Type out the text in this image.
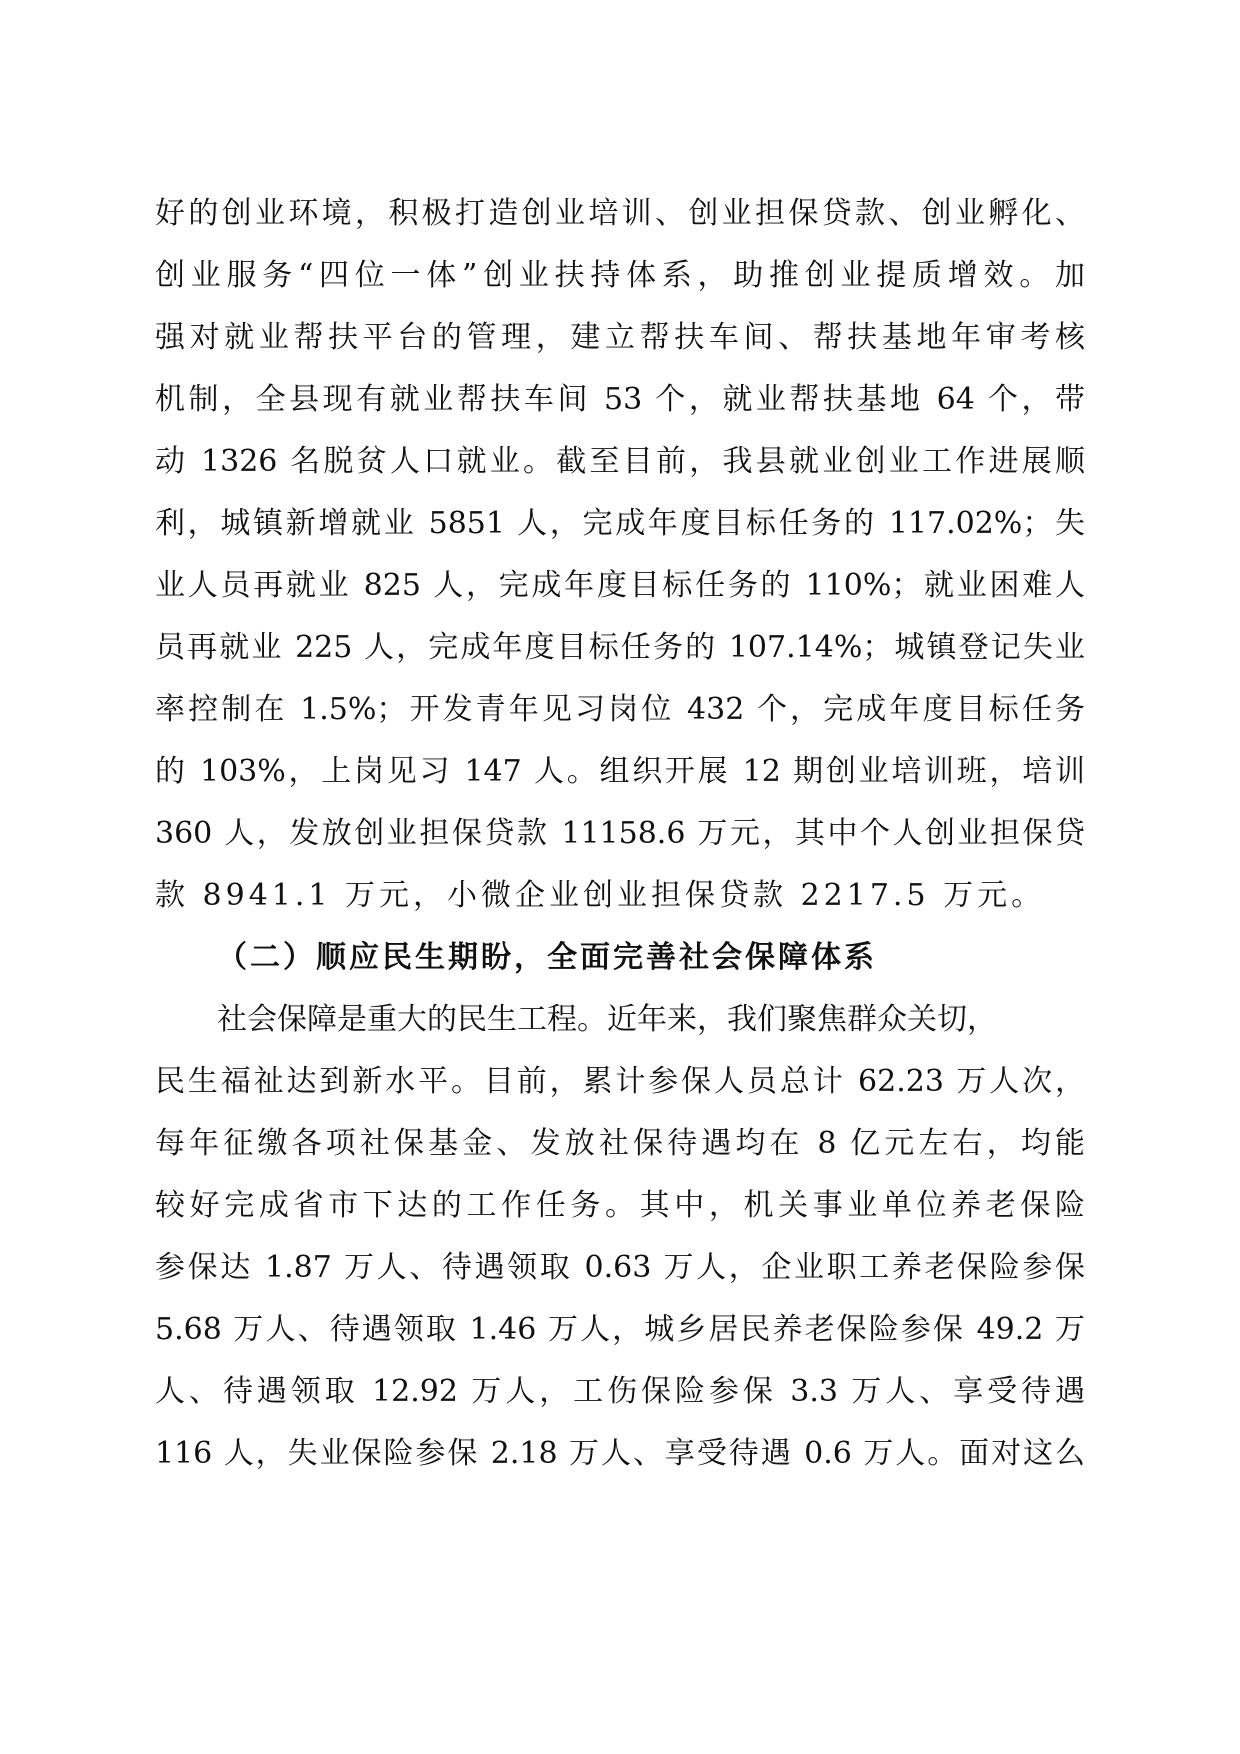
好的创业环境，积极打造创业培训、创业担保贷款、创业孵化、
创业服务“四位一体”创业扶持体系，助推创业提质增效。加
强对就业帮扶平台的管理，建立帮扶车间、帮扶基地年审考核
机制，全县现有就业帮扶车间 53 个，就业帮扶基地 64 个，带
动 1326 名脱贫人口就业。截至目前，我县就业创业工作进展顺
利，城镇新增就业 5851 人，完成年度目标任务的 117.02%；失
业人员再就业 825 人，完成年度目标任务的 110%；就业困难人
员再就业 225 人，完成年度目标任务的 107.14%；城镇登记失业
率控制在 1.5%；开发青年见习岗位 432 个，完成年度目标任务
的 103%，上岗见习 147 人。组织开展 12 期创业培训班，培训
360 人，发放创业担保贷款 11158.6 万元，其中个人创业担保贷
款 8941.1 万元，小微企业创业担保贷款 2217.5 万元。
（二）顺应民生期盼，全面完善社会保障体系
社会保障是重大的民生工程。近年来，我们聚焦群众关切，
民生福祉达到新水平。目前，累计参保人员总计 62.23 万人次，
每年征缴各项社保基金、发放社保待遇均在 8 亿元左右，均能
较好完成省市下达的工作任务。其中，机关事业单位养老保险
参保达 1.87 万人、待遇领取 0.63 万人，企业职工养老保险参保
5.68 万人、待遇领取 1.46 万人，城乡居民养老保险参保 49.2 万
人、待遇领取 12.92 万人，工伤保险参保 3.3 万人、享受待遇
116 人，失业保险参保 2.18 万人、享受待遇 0.6 万人。面对这么
